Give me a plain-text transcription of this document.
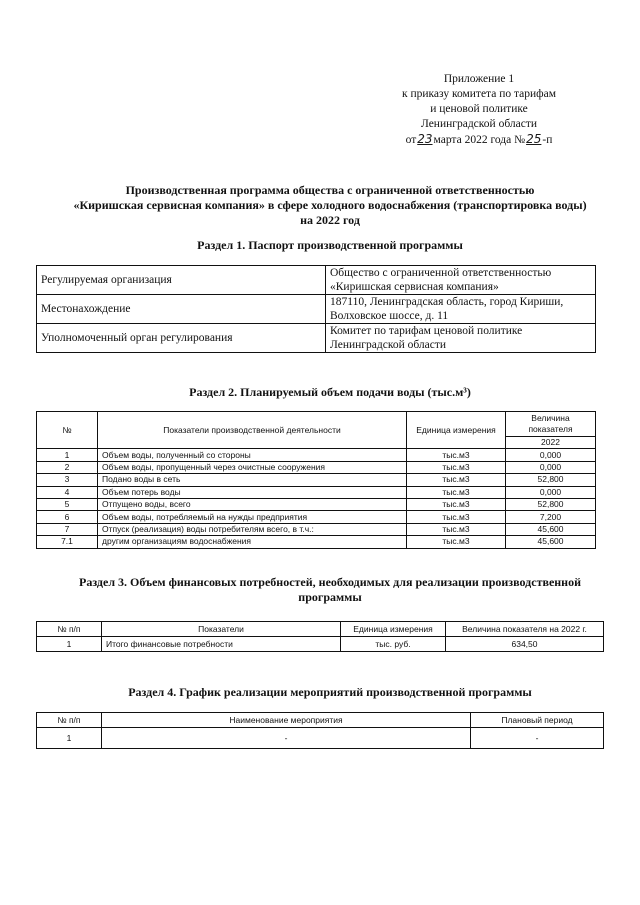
Приложение 1
к приказу комитета по тарифам
и ценовой политике
Ленинградской области
от23марта 2022 года №25-п
Производственная программа общества с ограниченной ответственностью
«Киришская сервисная компания» в сфере холодного водоснабжения (транспортировка воды)
на 2022 год
Раздел 1. Паспорт производственной программы
Регулируемая организация	Общество с ограниченной ответственностью «Киришская сервисная компания»
Местонахождение	187110, Ленинградская область, город Кириши, Волховское шоссе, д. 11
Уполномоченный орган регулирования	Комитет по тарифам ценовой политике Ленинградской области
Раздел 2. Планируемый объем подачи воды (тыс.м³)
№	Показатели производственной деятельности	Единица измерения	Величина показателя
			2022
1	Объем воды, полученный со стороны	тыс.м3	0,000
2	Объем воды, пропущенный через очистные сооружения	тыс.м3	0,000
3	Подано воды в сеть	тыс.м3	52,800
4	Объем потерь воды	тыс.м3	0,000
5	Отпущено воды, всего	тыс.м3	52,800
6	Объем воды, потребляемый на нужды предприятия	тыс.м3	7,200
7	Отпуск (реализация) воды потребителям всего, в т.ч.:	тыс.м3	45,600
7.1	другим организациям водоснабжения	тыс.м3	45,600
Раздел 3. Объем финансовых потребностей, необходимых для реализации производственной
программы
№ п/п	Показатели	Единица измерения	Величина показателя на 2022 г.
1	Итого финансовые потребности	тыс. руб.	634,50
Раздел 4. График реализации мероприятий производственной программы
№ п/п	Наименование мероприятия	Плановый период
1	-	-
